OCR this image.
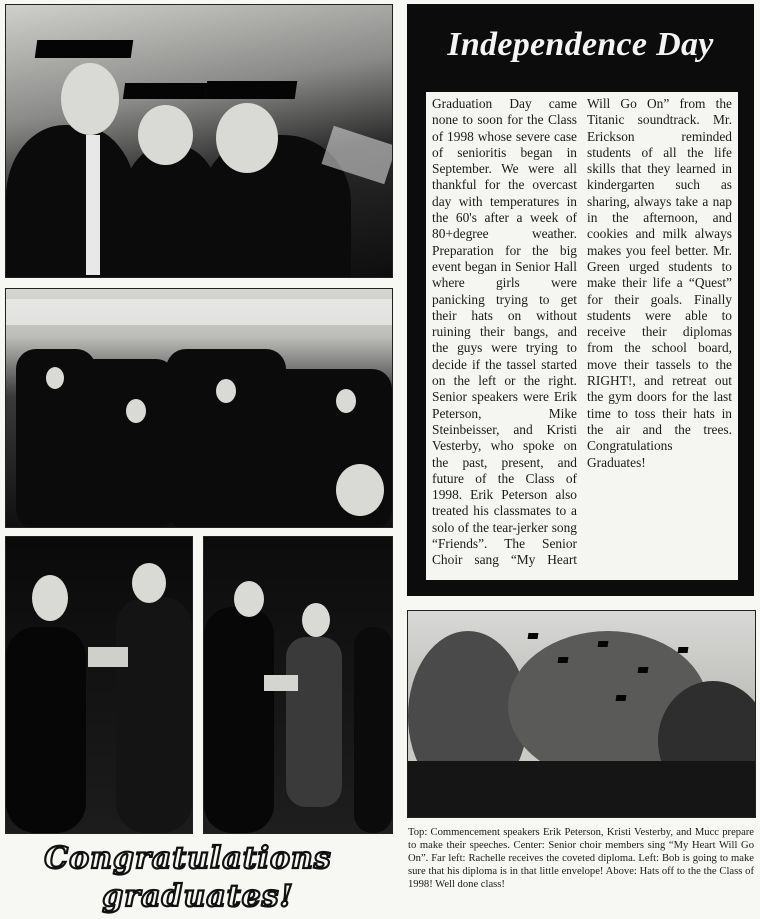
Independence Day
Graduation Day came none to soon for the Class of 1998 whose severe case of senioritis began in September. We were all thankful for the overcast day with temperatures in the 60's after a week of 80+degree weather. Preparation for the big event began in Senior Hall where girls were panicking trying to get their hats on without ruining their bangs, and the guys were trying to decide if the tassel started on the left or the right. Senior speakers were Erik Peterson, Mike Steinbeisser, and Kristi Vesterby, who spoke on the past, present, and future of the Class of 1998. Erik Peterson also treated his classmates to a solo of the tear-jerker song “Friends”. The Senior Choir sang “My Heart Will Go On” from the Titanic soundtrack. Mr. Erickson reminded students of all the life skills that they learned in kindergarten such as sharing, always take a nap in the afternoon, and cookies and milk always makes you feel better. Mr. Green urged students to make their life a “Quest” for their goals. Finally students were able to receive their diplomas from the school board, move their tassels to the RIGHT!, and retreat out the gym doors for the last time to toss their hats in the air and the trees. Congratulations Graduates!
Top: Commencement speakers Erik Peterson, Kristi Vesterby, and Mucc prepare to make their speeches. Center: Senior choir members sing “My Heart Will Go On”. Far left: Rachelle receives the coveted diploma. Left: Bob is going to make sure that his diploma is in that little envelope! Above: Hats off to the the Class of 1998! Well done class!
Congratulations
graduates!
